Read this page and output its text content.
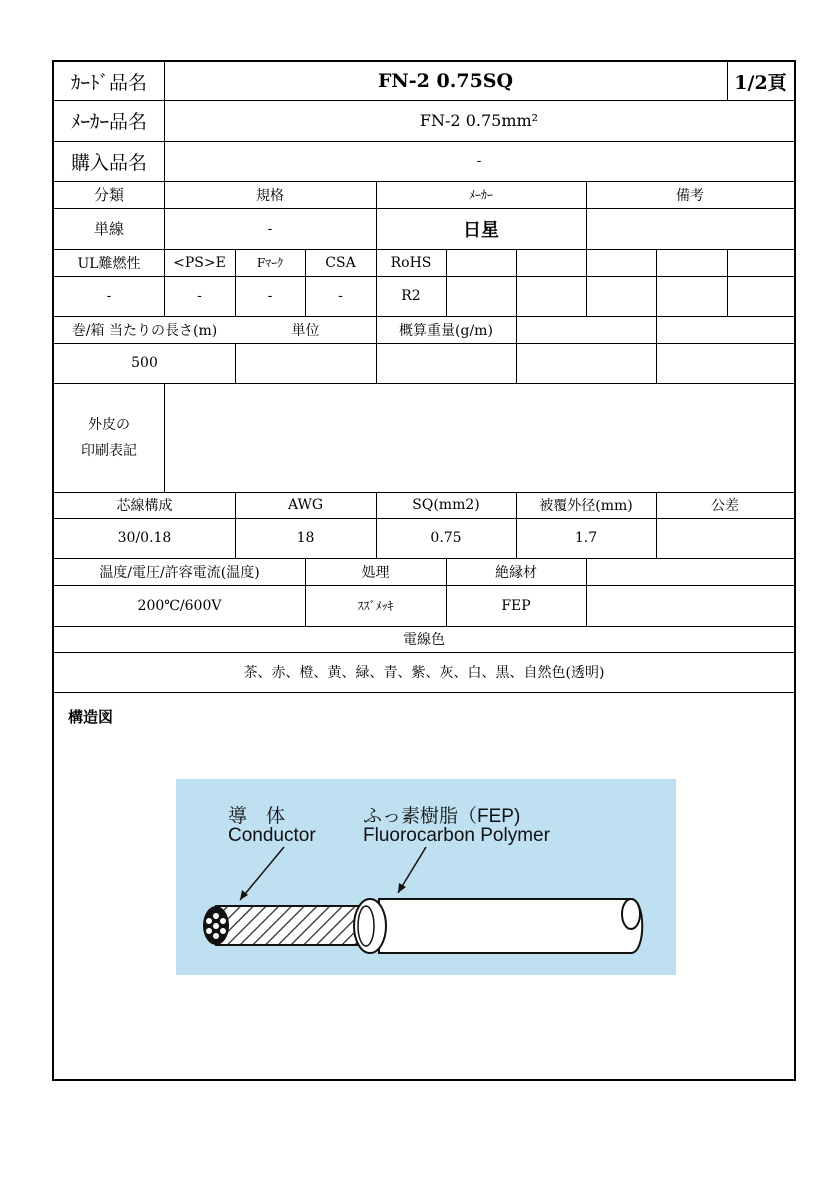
ｶｰﾄﾞ品名	FN-2 0.75SQ	1/2頁
ﾒｰｶｰ品名	FN-2 0.75mm²
購入品名	-
分類	規格	ﾒｰｶｰ	備考
単線	-	日星
UL難燃性	<PS>E	Fﾏｰｸ	CSA	RoHS
-	-	-	-	R2
巻/箱 当たりの長さ(m)	単位	概算重量(g/m)
500
外皮の
印刷表記
芯線構成	AWG	SQ(mm2)	被覆外径(mm)	公差
30/0.18	18	0.75	1.7
温度/電圧/許容電流(温度)	処理	絶縁材
200℃/600V	ｽｽﾞﾒｯｷ	FEP
電線色
茶、赤、橙、黄、緑、青、紫、灰、白、黒、自然色(透明)
構造図
導　体
Conductor
ふっ素樹脂（FEP)
Fluorocarbon Polymer
